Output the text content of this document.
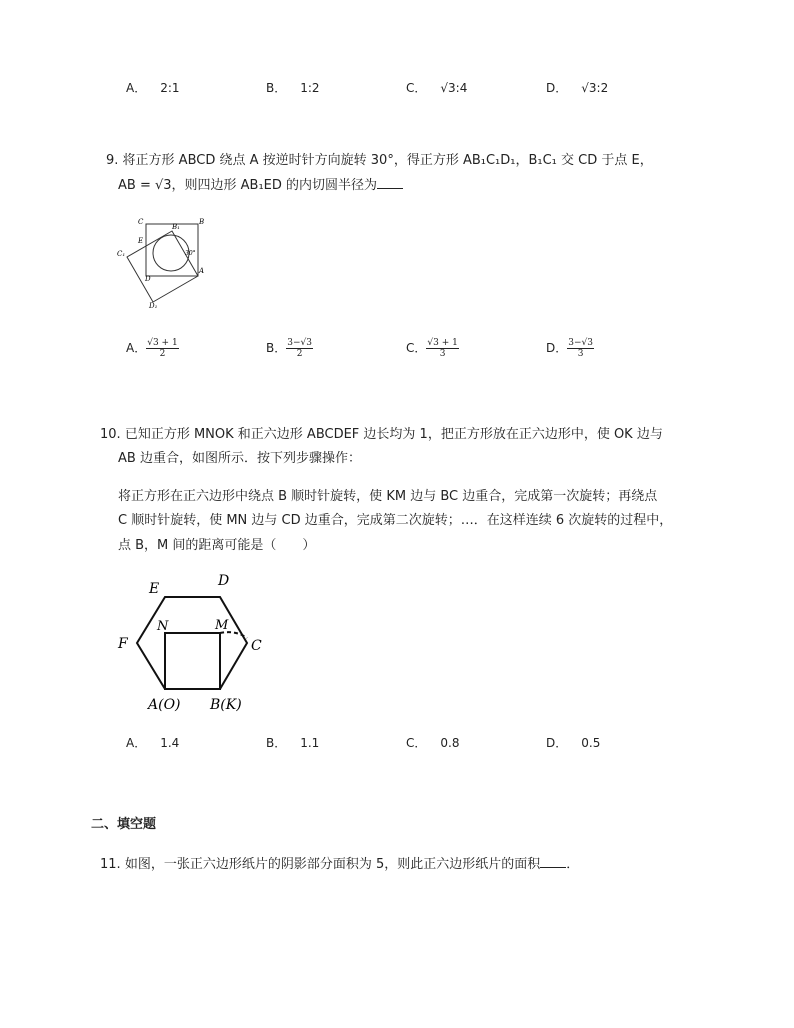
A． 2:1	B． 1:2	C． √3:4	D． √3:2
9. 将正方形 ABCD 绕点 A 按逆时针方向旋转 30°，得正方形 AB₁C₁D₁，B₁C₁ 交 CD 于点 E，
AB = √3，则四边形 AB₁ED 的内切圆半径为
C	B
B₁
E
C₁	30°
D
A
D₁
A． $\frac{√3 + 1}{2}$	B． $\frac{3-√3}{2}$	C． $\frac{√3 + 1}{3}$	D． $\frac{3-√3}{3}$
10. 已知正方形 MNOK 和正六边形 ABCDEF 边长均为 1，把正方形放在正六边形中，使 OK 边与
AB 边重合，如图所示．按下列步骤操作：
将正方形在正六边形中绕点 B 顺时针旋转，使 KM 边与 BC 边重合，完成第一次旋转；再绕点
C 顺时针旋转，使 MN 边与 CD 边重合，完成第二次旋转；…．在这样连续 6 次旋转的过程中，
点 B，M 间的距离可能是（　　）
E	D
N	M
F	C
A(O) B(K)
A． 1.4	B． 1.1	C． 0.8	D． 0.5
二、填空题
11. 如图，一张正六边形纸片的阴影部分面积为 5，则此正六边形纸片的面积 ．
